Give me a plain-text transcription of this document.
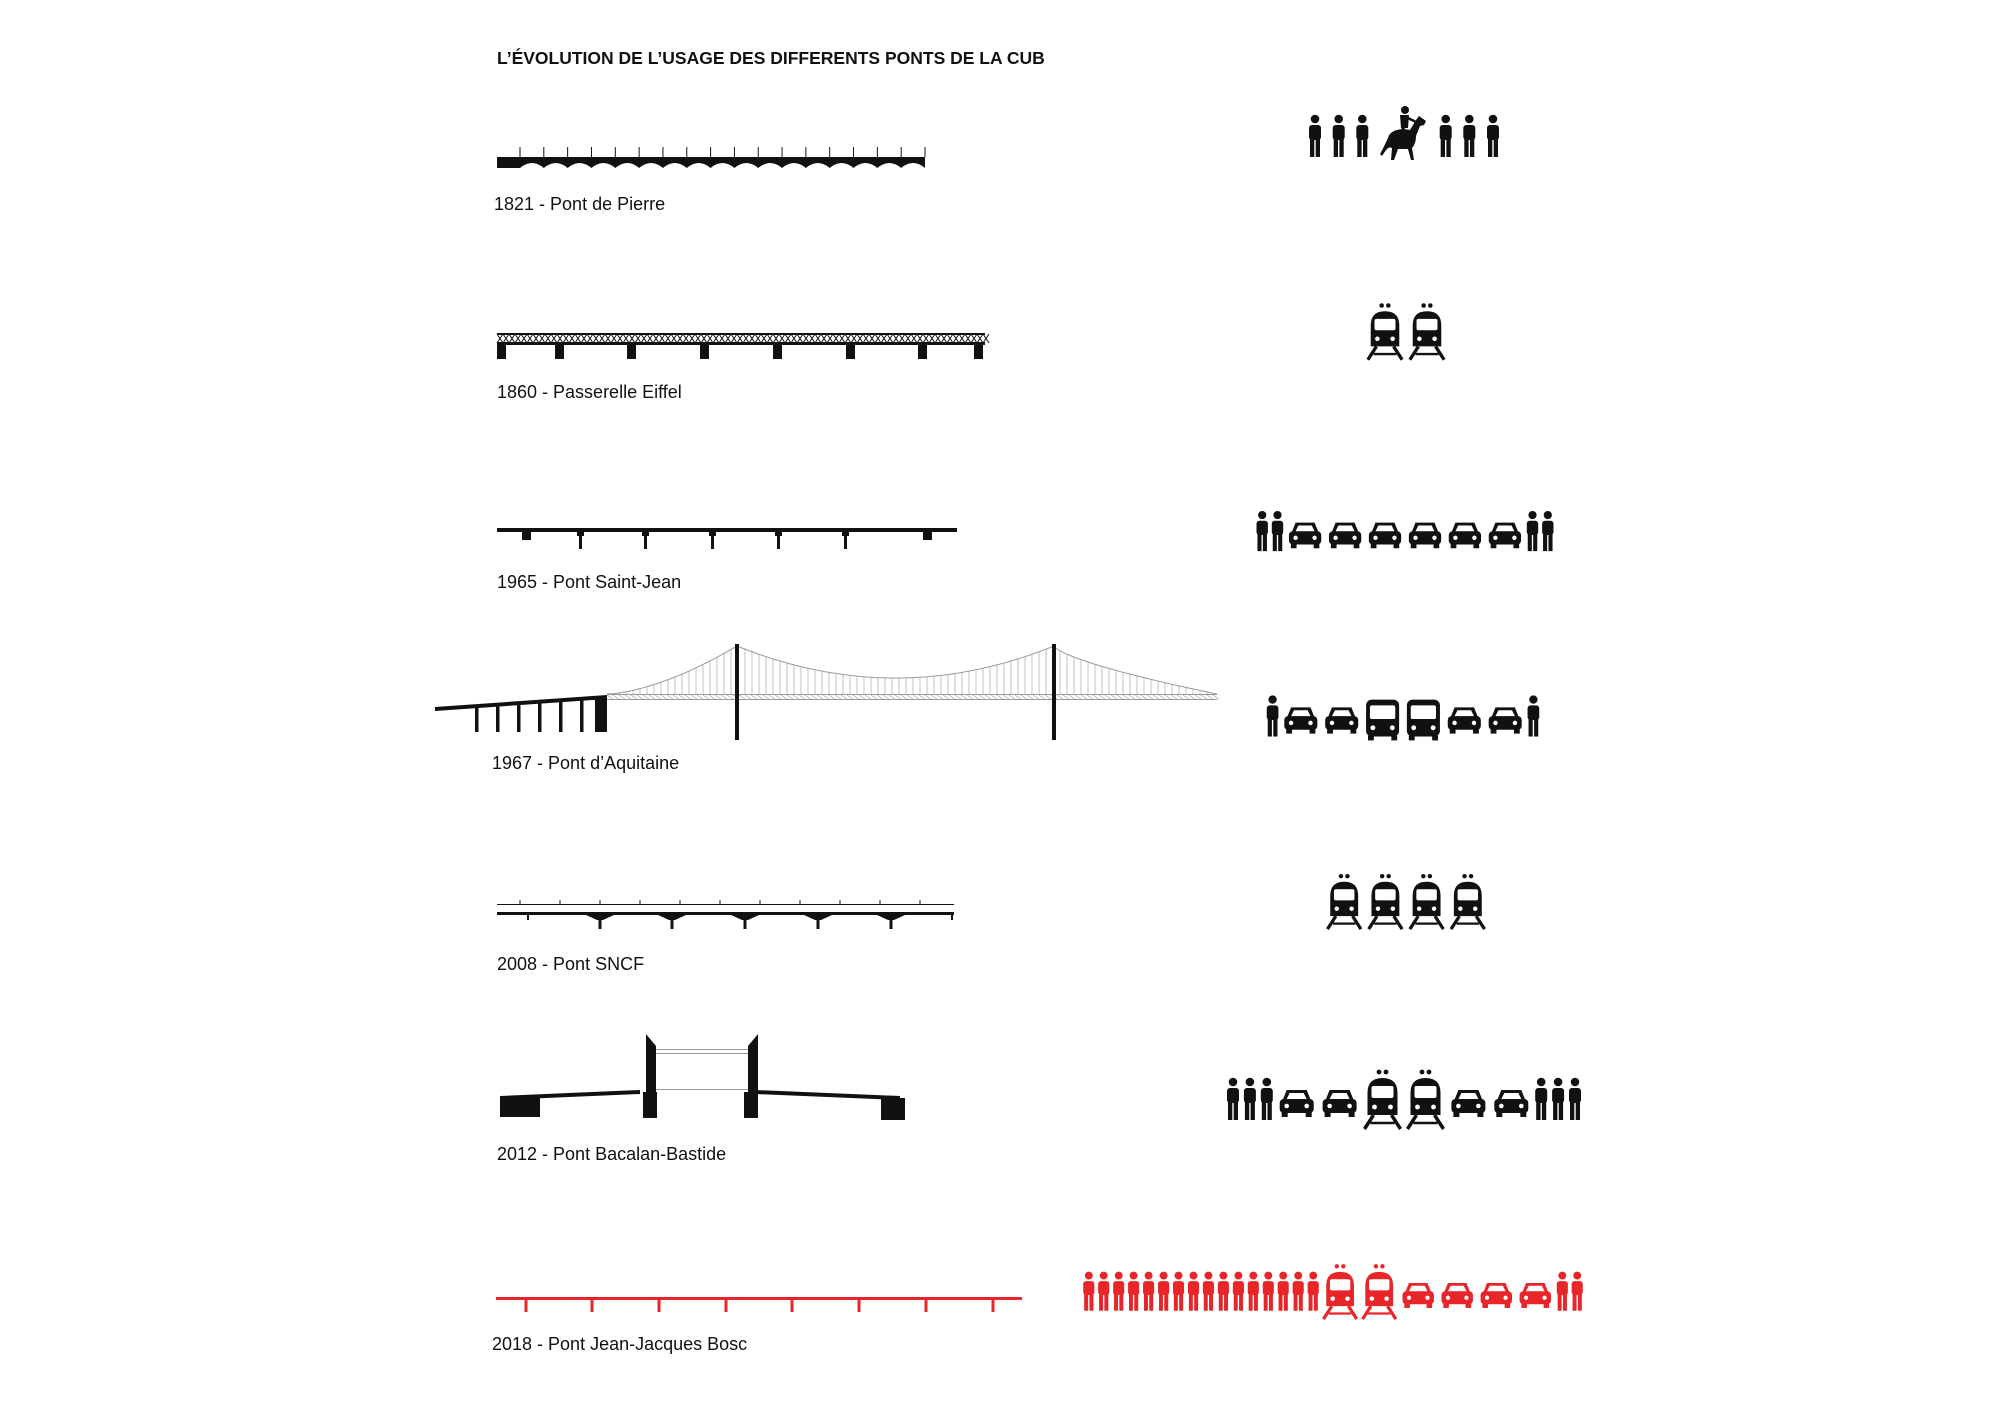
L’ÉVOLUTION DE L’USAGE DES DIFFERENTS PONTS DE LA CUB
1821 - Pont de Pierre
1860 - Passerelle Eiffel
1965 - Pont Saint-Jean
1967 - Pont d’Aquitaine
2008 - Pont SNCF
2012 - Pont Bacalan-Bastide
2018 - Pont Jean-Jacques Bosc
